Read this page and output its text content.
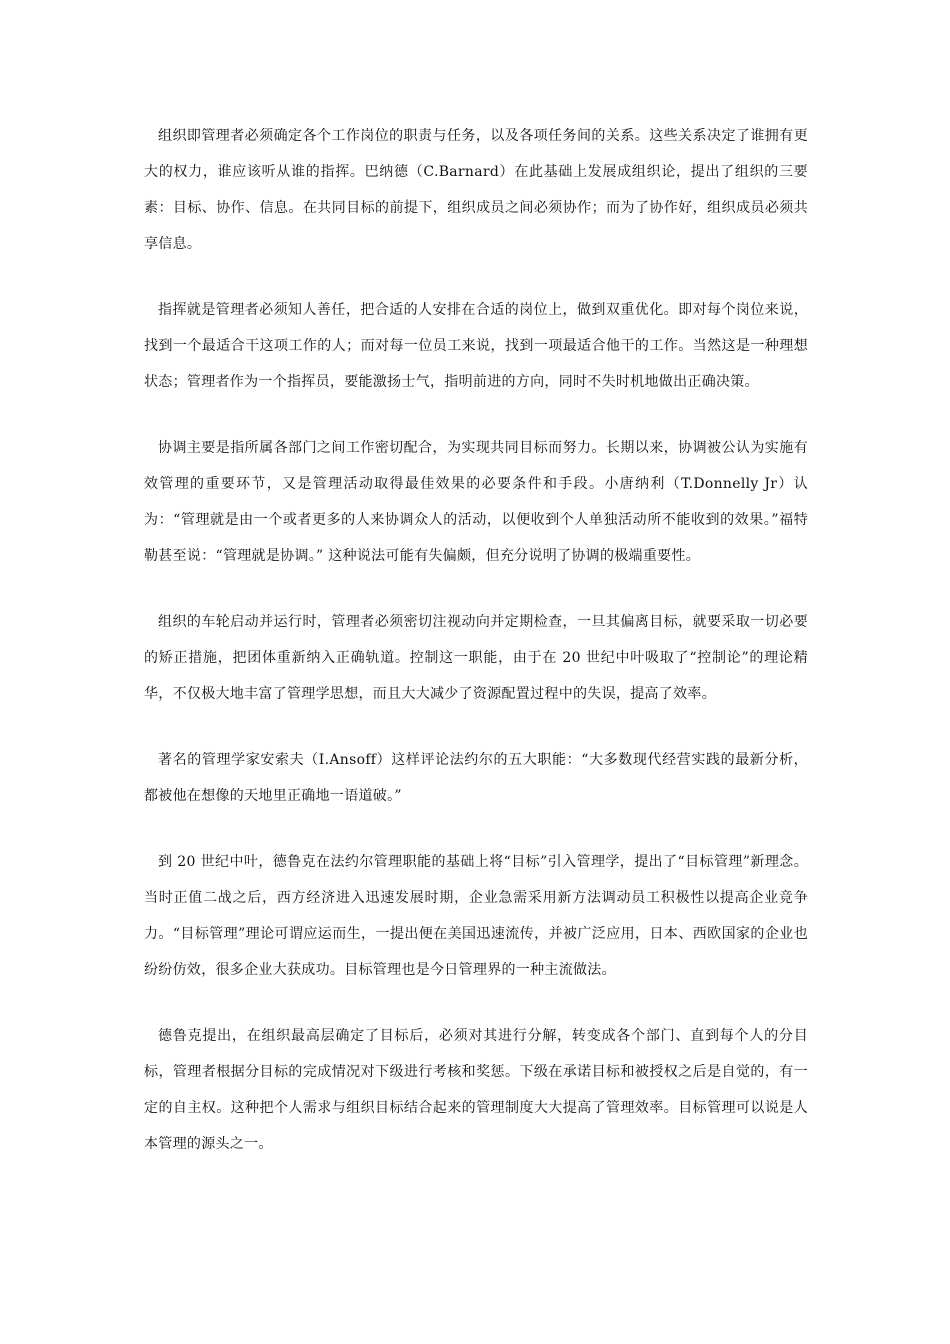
组织即管理者必须确定各个工作岗位的职责与任务，以及各项任务间的关系。这些关系决定了谁拥有更大的权力，谁应该听从谁的指挥。巴纳德（C.Barnard）在此基础上发展成组织论，提出了组织的三要素：目标、协作、信息。在共同目标的前提下，组织成员之间必须协作；而为了协作好，组织成员必须共享信息。

指挥就是管理者必须知人善任，把合适的人安排在合适的岗位上，做到双重优化。即对每个岗位来说，找到一个最适合干这项工作的人；而对每一位员工来说，找到一项最适合他干的工作。当然这是一种理想状态；管理者作为一个指挥员，要能激扬士气，指明前进的方向，同时不失时机地做出正确决策。

协调主要是指所属各部门之间工作密切配合，为实现共同目标而努力。长期以来，协调被公认为实施有效管理的重要环节，又是管理活动取得最佳效果的必要条件和手段。小唐纳利（T.Donnelly Jr）认为：“管理就是由一个或者更多的人来协调众人的活动，以便收到个人单独活动所不能收到的效果。”福特勒甚至说：“管理就是协调。” 这种说法可能有失偏颇，但充分说明了协调的极端重要性。

组织的车轮启动并运行时，管理者必须密切注视动向并定期检查，一旦其偏离目标，就要采取一切必要的矫正措施，把团体重新纳入正确轨道。控制这一职能，由于在 20 世纪中叶吸取了“控制论”的理论精华，不仅极大地丰富了管理学思想，而且大大减少了资源配置过程中的失误，提高了效率。

著名的管理学家安索夫（I.Ansoff）这样评论法约尔的五大职能：“大多数现代经营实践的最新分析，都被他在想像的天地里正确地一语道破。”

到 20 世纪中叶，德鲁克在法约尔管理职能的基础上将“目标”引入管理学，提出了“目标管理”新理念。当时正值二战之后，西方经济进入迅速发展时期，企业急需采用新方法调动员工积极性以提高企业竞争力。“目标管理”理论可谓应运而生，一提出便在美国迅速流传，并被广泛应用，日本、西欧国家的企业也纷纷仿效，很多企业大获成功。目标管理也是今日管理界的一种主流做法。

德鲁克提出，在组织最高层确定了目标后，必须对其进行分解，转变成各个部门、直到每个人的分目标，管理者根据分目标的完成情况对下级进行考核和奖惩。下级在承诺目标和被授权之后是自觉的，有一定的自主权。这种把个人需求与组织目标结合起来的管理制度大大提高了管理效率。目标管理可以说是人本管理的源头之一。
